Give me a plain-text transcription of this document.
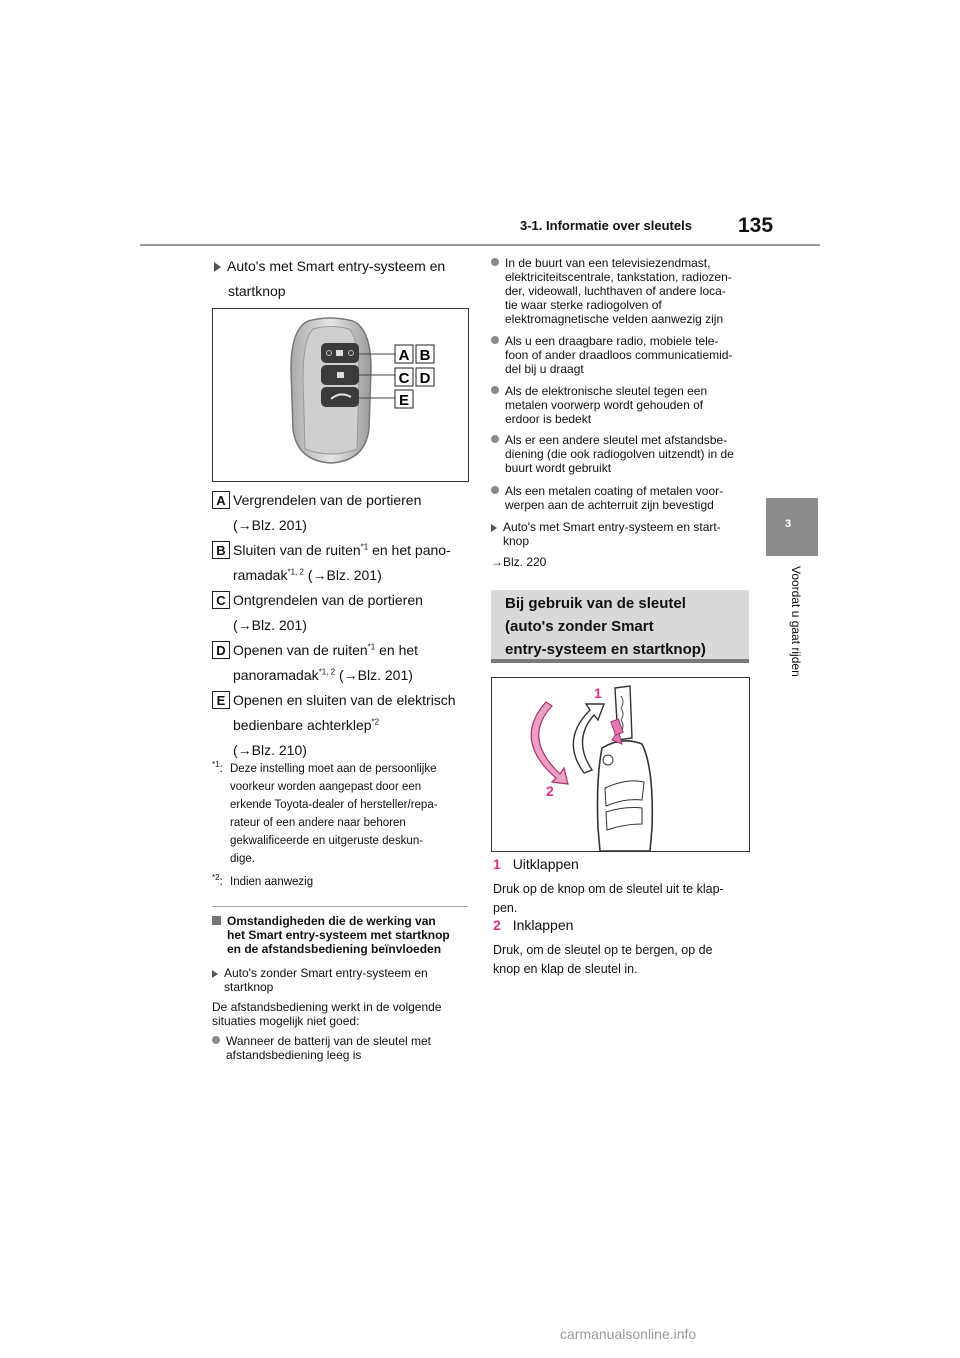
3-1. Informatie over sleutels 135
3
Voordat u gaat rijden
Auto's met Smart entry-systeem en
startknop
A B
C D
E
A Vergrendelen van de portieren
(→Blz. 201)
B Sluiten van de ruiten$^{*1}$ en het pano-
ramadak$^{*1, 2}$ (→Blz. 201)
C Ontgrendelen van de portieren
(→Blz. 201)
D Openen van de ruiten$^{*1}$ en het
panoramadak$^{*1, 2}$ (→Blz. 201)
E Openen en sluiten van de elektrisch
bedienbare achterklep$^{*2}$
(→Blz. 210)
$^{*1}$: Deze instelling moet aan de persoonlijke
voorkeur worden aangepast door een
erkende Toyota-dealer of hersteller/repa-
rateur of een andere naar behoren
gekwalificeerde en uitgeruste deskun-
dige.
$^{*2}$: Indien aanwezig
Omstandigheden die de werking van
het Smart entry-systeem met startknop
en de afstandsbediening beïnvloeden
Auto's zonder Smart entry-systeem en
startknop
De afstandsbediening werkt in de volgende
situaties mogelijk niet goed:
Wanneer de batterij van de sleutel met
afstandsbediening leeg is
In de buurt van een televisiezendmast,
elektriciteitscentrale, tankstation, radiozen-
der, videowall, luchthaven of andere loca-
tie waar sterke radiogolven of
elektromagnetische velden aanwezig zijn
Als u een draagbare radio, mobiele tele-
foon of ander draadloos communicatiemid-
del bij u draagt
Als de elektronische sleutel tegen een
metalen voorwerp wordt gehouden of
erdoor is bedekt
Als er een andere sleutel met afstandsbe-
diening (die ook radiogolven uitzendt) in de
buurt wordt gebruikt
Als een metalen coating of metalen voor-
werpen aan de achterruit zijn bevestigd
Auto's met Smart entry-systeem en start-
knop
→Blz. 220
Bij gebruik van de sleutel
(auto's zonder Smart
entry-systeem en startknop)
1
2
1 Uitklappen
Druk op de knop om de sleutel uit te klap-
pen.
2 Inklappen
Druk, om de sleutel op te bergen, op de
knop en klap de sleutel in.
carmanualsonline.info
